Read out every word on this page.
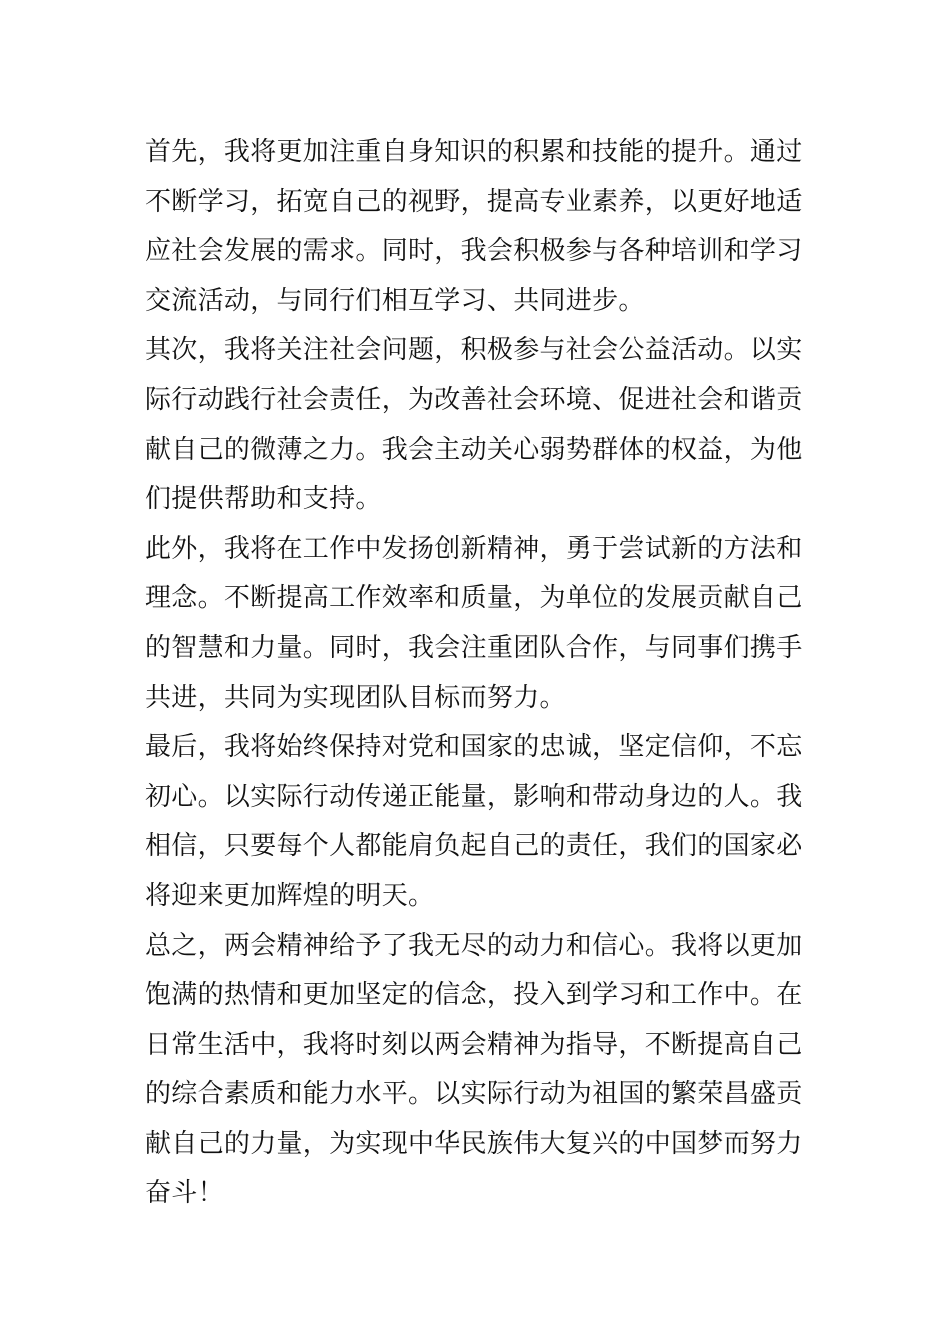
首先，我将更加注重自身知识的积累和技能的提升。通过
不断学习，拓宽自己的视野，提高专业素养，以更好地适
应社会发展的需求。同时，我会积极参与各种培训和学习
交流活动，与同行们相互学习、共同进步。

其次，我将关注社会问题，积极参与社会公益活动。以实
际行动践行社会责任，为改善社会环境、促进社会和谐贡
献自己的微薄之力。我会主动关心弱势群体的权益，为他
们提供帮助和支持。

此外，我将在工作中发扬创新精神，勇于尝试新的方法和
理念。不断提高工作效率和质量，为单位的发展贡献自己
的智慧和力量。同时，我会注重团队合作，与同事们携手
共进，共同为实现团队目标而努力。

最后，我将始终保持对党和国家的忠诚，坚定信仰，不忘
初心。以实际行动传递正能量，影响和带动身边的人。我
相信，只要每个人都能肩负起自己的责任，我们的国家必
将迎来更加辉煌的明天。

总之，两会精神给予了我无尽的动力和信心。我将以更加
饱满的热情和更加坚定的信念，投入到学习和工作中。在
日常生活中，我将时刻以两会精神为指导，不断提高自己
的综合素质和能力水平。以实际行动为祖国的繁荣昌盛贡
献自己的力量，为实现中华民族伟大复兴的中国梦而努力
奋斗！
